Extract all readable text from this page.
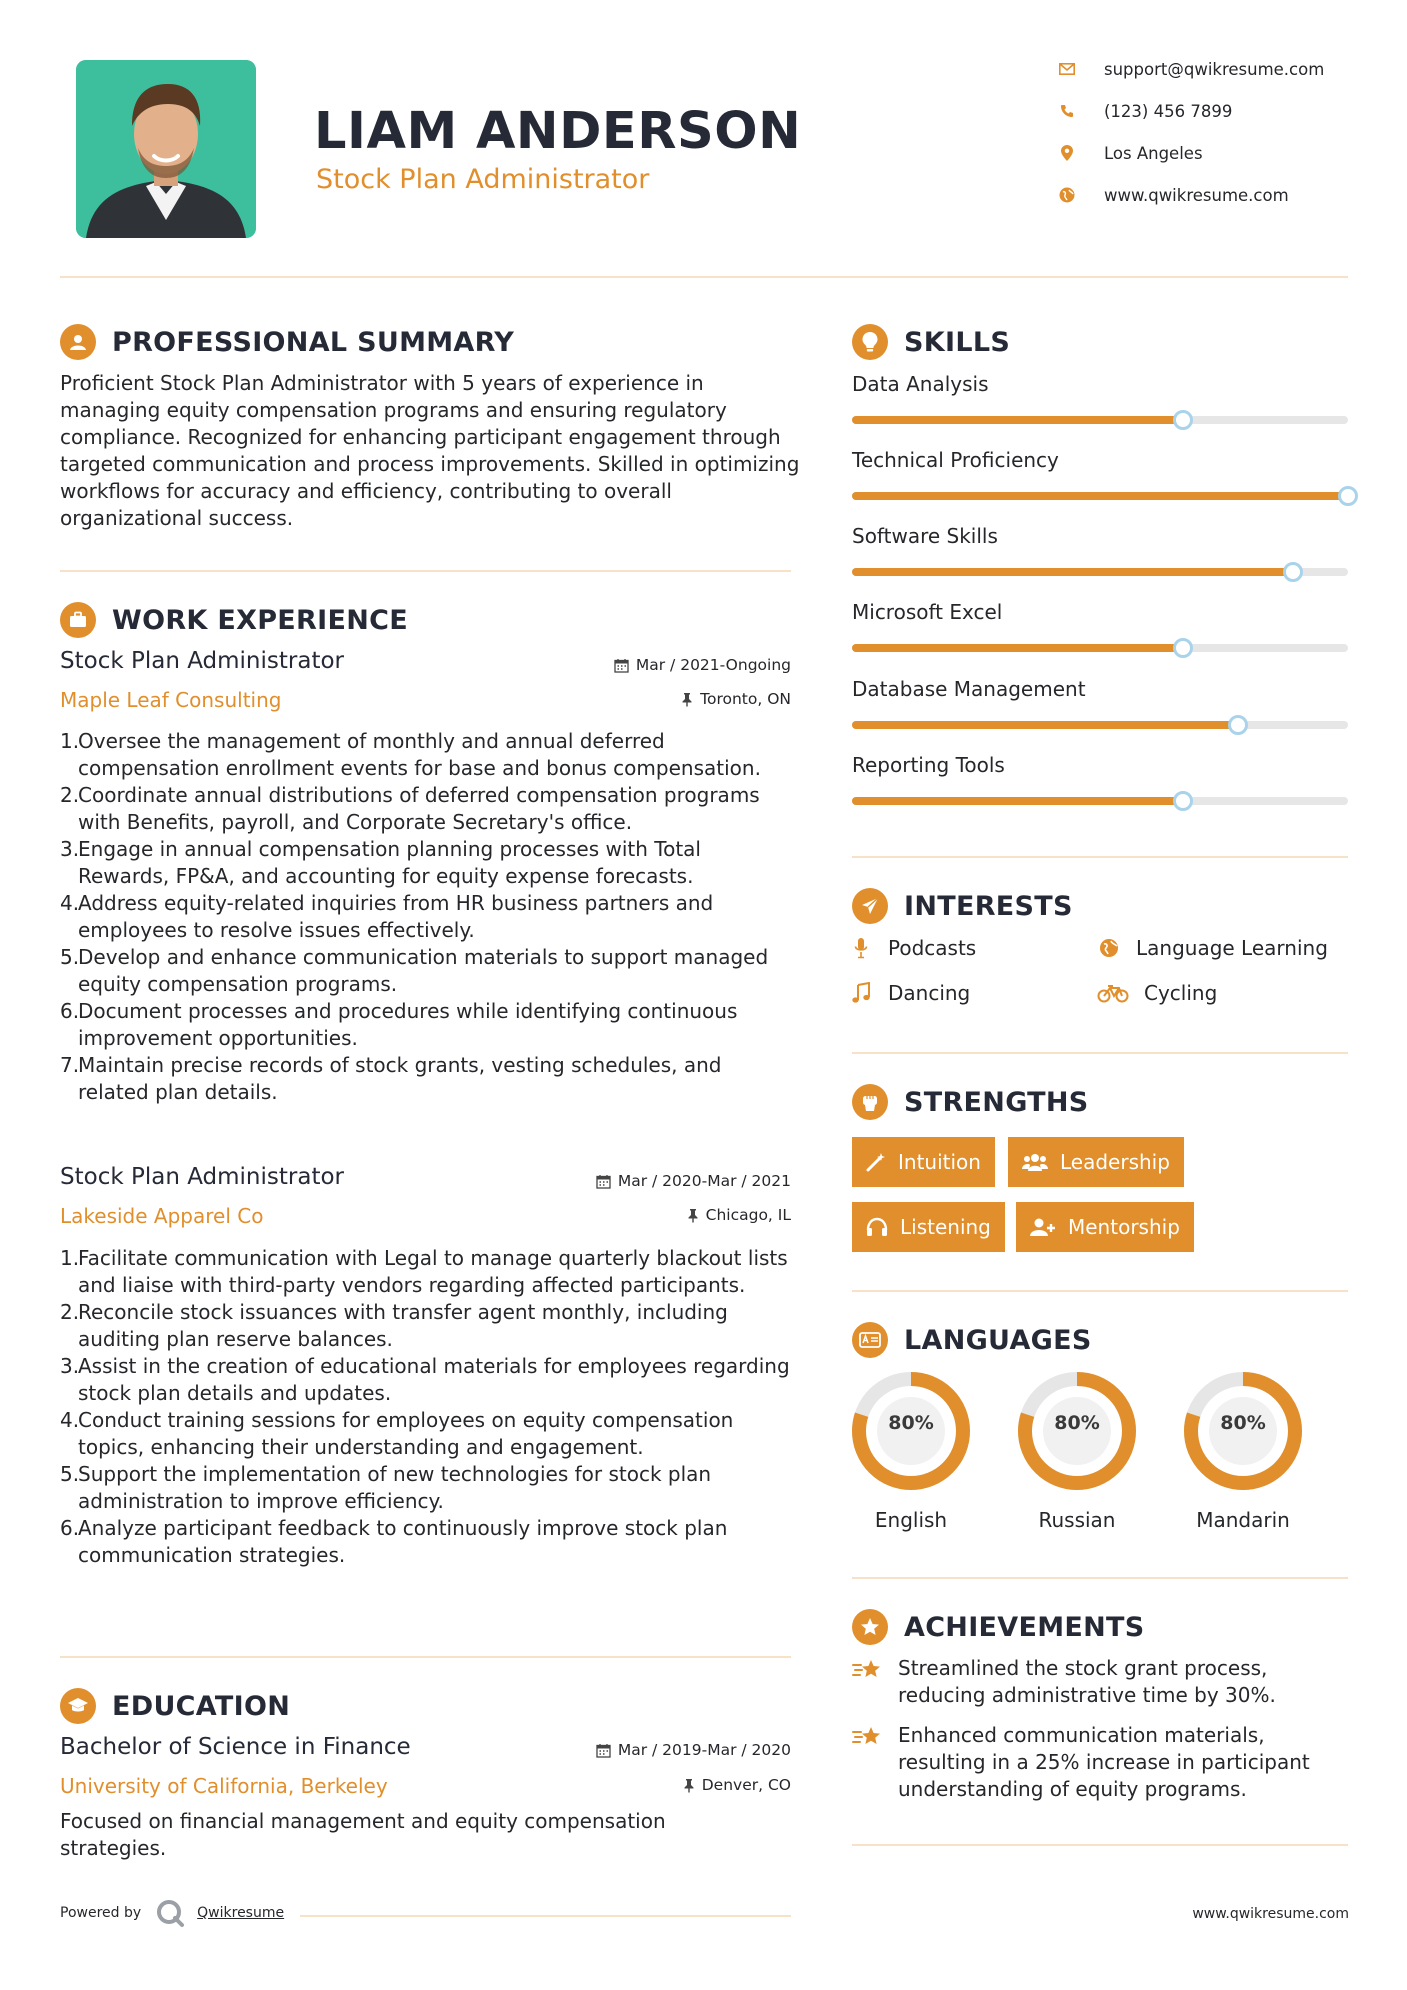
LIAM ANDERSON
Stock Plan Administrator
support@qwikresume.com
(123) 456 7899
Los Angeles
www.qwikresume.com
PROFESSIONAL SUMMARY
Proficient Stock Plan Administrator with 5 years of experience in managing equity compensation programs and ensuring regulatory compliance. Recognized for enhancing participant engagement through targeted communication and process improvements. Skilled in optimizing workflows for accuracy and efficiency, contributing to overall organizational success.
WORK EXPERIENCE
Stock Plan Administrator	Mar / 2021-Ongoing
Maple Leaf Consulting	Toronto, ON
1.
Oversee the management of monthly and annual deferred compensation enrollment events for base and bonus compensation.
2.
Coordinate annual distributions of deferred compensation programs with Benefits, payroll, and Corporate Secretary's office.
3.
Engage in annual compensation planning processes with Total Rewards, FP&A, and accounting for equity expense forecasts.
4.
Address equity-related inquiries from HR business partners and employees to resolve issues effectively.
5.
Develop and enhance communication materials to support managed equity compensation programs.
6.
Document processes and procedures while identifying continuous improvement opportunities.
7.
Maintain precise records of stock grants, vesting schedules, and related plan details.
Stock Plan Administrator	Mar / 2020-Mar / 2021
Lakeside Apparel Co	Chicago, IL
1.
Facilitate communication with Legal to manage quarterly blackout lists and liaise with third-party vendors regarding affected participants.
2.
Reconcile stock issuances with transfer agent monthly, including auditing plan reserve balances.
3.
Assist in the creation of educational materials for employees regarding stock plan details and updates.
4.
Conduct training sessions for employees on equity compensation topics, enhancing their understanding and engagement.
5.
Support the implementation of new technologies for stock plan administration to improve efficiency.
6.
Analyze participant feedback to continuously improve stock plan communication strategies.
EDUCATION
Bachelor of Science in Finance	Mar / 2019-Mar / 2020
University of California, Berkeley	Denver, CO
Focused on financial management and equity compensation strategies.
SKILLS
Data Analysis
Technical Proficiency
Software Skills
Microsoft Excel
Database Management
Reporting Tools
INTERESTS
Podcasts	Language Learning
Dancing	Cycling
STRENGTHS
Intuition	Leadership
Listening	Mentorship
LANGUAGES
80%
English
80%
Russian
80%
Mandarin
ACHIEVEMENTS
Streamlined the stock grant process, reducing administrative time by 30%.
Enhanced communication materials, resulting in a 25% increase in participant understanding of equity programs.
Powered by	Qwikresume	www.qwikresume.com
